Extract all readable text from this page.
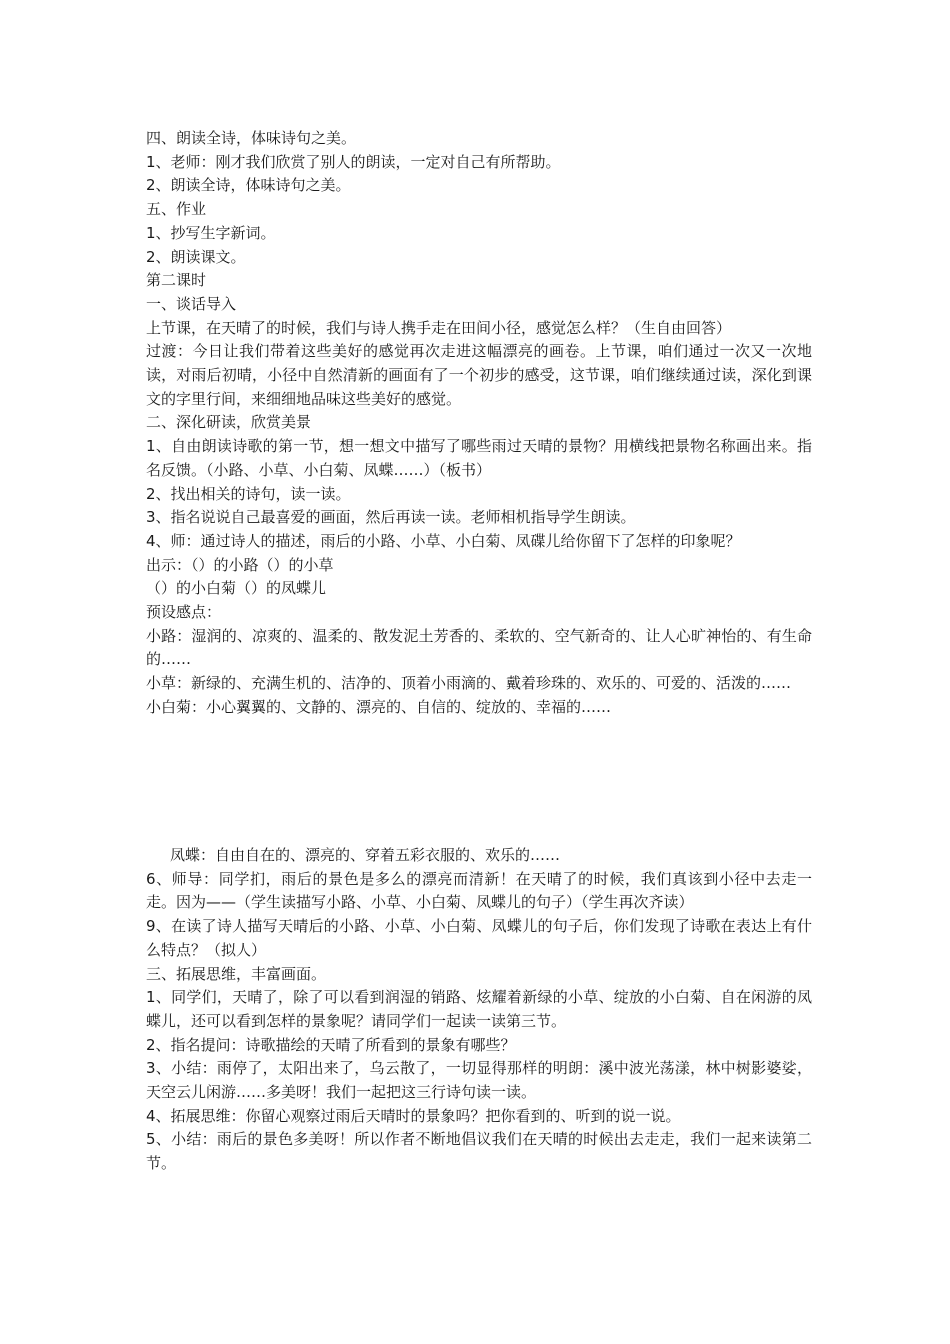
四、朗读全诗，体味诗句之美。

1、老师：刚才我们欣赏了别人的朗读，一定对自己有所帮助。

2、朗读全诗，体味诗句之美。

五、作业

1、抄写生字新词。

2、朗读课文。

第二课时

一、谈话导入

上节课，在天晴了的时候，我们与诗人携手走在田间小径，感觉怎么样？（生自由回答）

过渡：今日让我们带着这些美好的感觉再次走进这幅漂亮的画卷。上节课，咱们通过一次又一次地读，对雨后初晴，小径中自然清新的画面有了一个初步的感受，这节课，咱们继续通过读，深化到课文的字里行间，来细细地品味这些美好的感觉。

二、深化研读，欣赏美景

1、自由朗读诗歌的第一节，想一想文中描写了哪些雨过天晴的景物？用横线把景物名称画出来。指名反馈。（小路、小草、小白菊、凤蝶……）（板书）

2、找出相关的诗句，读一读。

3、指名说说自己最喜爱的画面，然后再读一读。老师相机指导学生朗读。

4、师：通过诗人的描述，雨后的小路、小草、小白菊、凤碟儿给你留下了怎样的印象呢？

出示：（）的小路（）的小草

（）的小白菊（）的凤蝶儿

预设感点：

小路：湿润的、凉爽的、温柔的、散发泥土芳香的、柔软的、空气新奇的、让人心旷神怡的、有生命的……

小草：新绿的、充满生机的、洁净的、顶着小雨滴的、戴着珍珠的、欢乐的、可爱的、活泼的……

小白菊：小心翼翼的、文静的、漂亮的、自信的、绽放的、幸福的……

凤蝶：自由自在的、漂亮的、穿着五彩衣服的、欢乐的……

6、师导：同学扪，雨后的景色是多么的漂亮而清新！在天晴了的时候，我们真该到小径中去走一走。因为——（学生读描写小路、小草、小白菊、凤蝶儿的句子）（学生再次齐读）

9、在读了诗人描写天晴后的小路、小草、小白菊、凤蝶儿的句子后，你们发现了诗歌在表达上有什么特点？（拟人）

三、拓展思维，丰富画面。

1、同学们，天晴了，除了可以看到润湿的销路、炫耀着新绿的小草、绽放的小白菊、自在闲游的凤蝶儿，还可以看到怎样的景象呢？请同学们一起读一读第三节。

2、指名提问：诗歌描绘的天晴了所看到的景象有哪些？

3、小结：雨停了，太阳出来了，乌云散了，一切显得那样的明朗：溪中波光荡漾，林中树影婆娑，天空云儿闲游……多美呀！我们一起把这三行诗句读一读。

4、拓展思维：你留心观察过雨后天晴时的景象吗？把你看到的、听到的说一说。

5、小结：雨后的景色多美呀！所以作者不断地倡议我们在天晴的时候出去走走，我们一起来读第二节。
